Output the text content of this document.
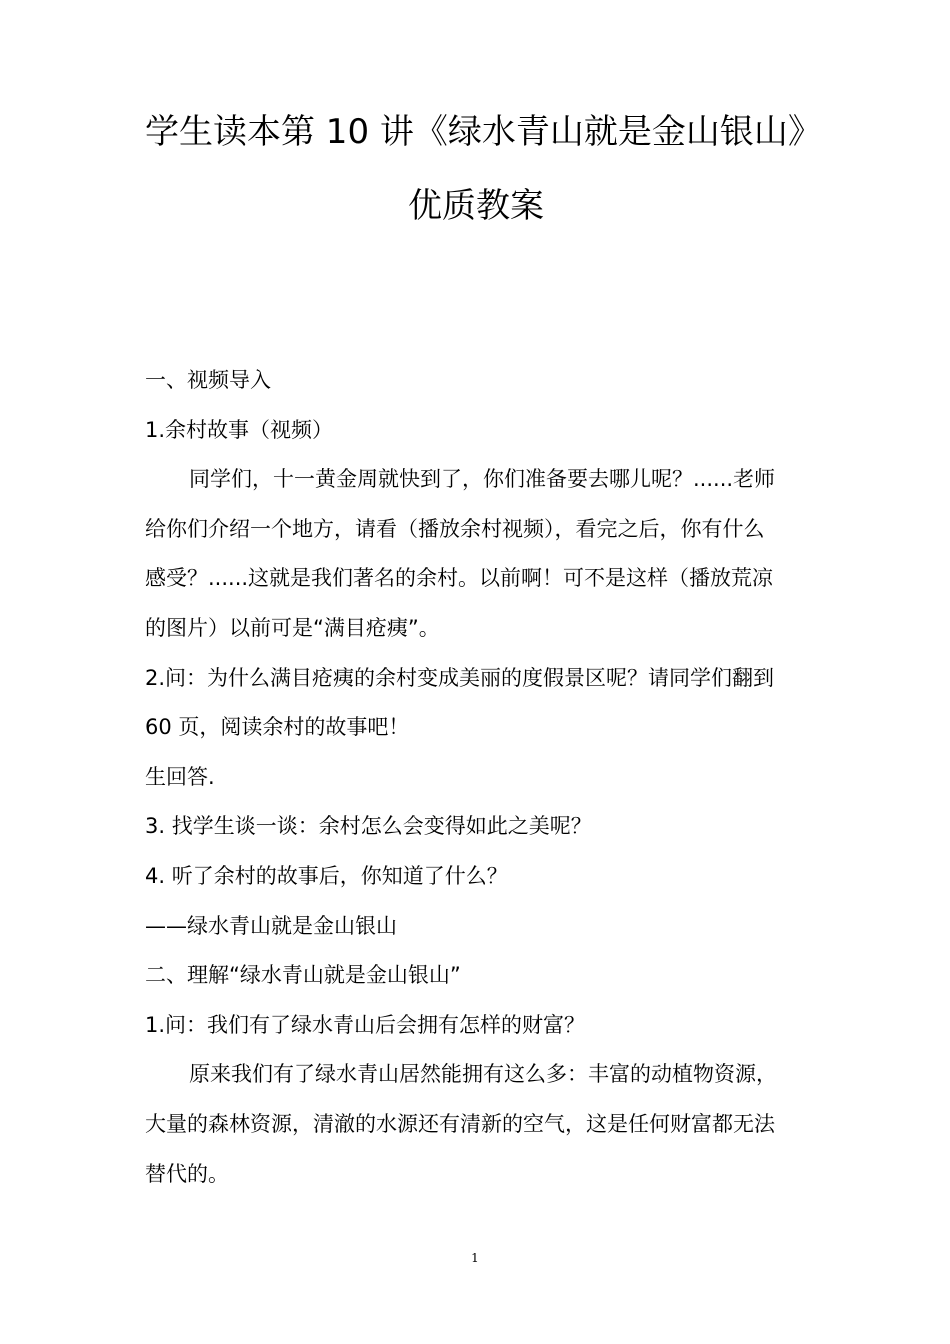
学生读本第 10 讲《绿水青山就是金山银山》
优质教案

一、视频导入

1.余村故事（视频）

同学们，十一黄金周就快到了，你们准备要去哪儿呢？......老师

给你们介绍一个地方，请看（播放余村视频），看完之后，你有什么

感受？......这就是我们著名的余村。以前啊！可不是这样（播放荒凉

的图片）以前可是“满目疮痍”。

2.问：为什么满目疮痍的余村变成美丽的度假景区呢？请同学们翻到

60 页，阅读余村的故事吧！

生回答.

3. 找学生谈一谈：余村怎么会变得如此之美呢？

4. 听了余村的故事后，你知道了什么？

——绿水青山就是金山银山

二、理解“绿水青山就是金山银山”

1.问：我们有了绿水青山后会拥有怎样的财富？

原来我们有了绿水青山居然能拥有这么多：丰富的动植物资源，

大量的森林资源，清澈的水源还有清新的空气，这是任何财富都无法

替代的。

1
